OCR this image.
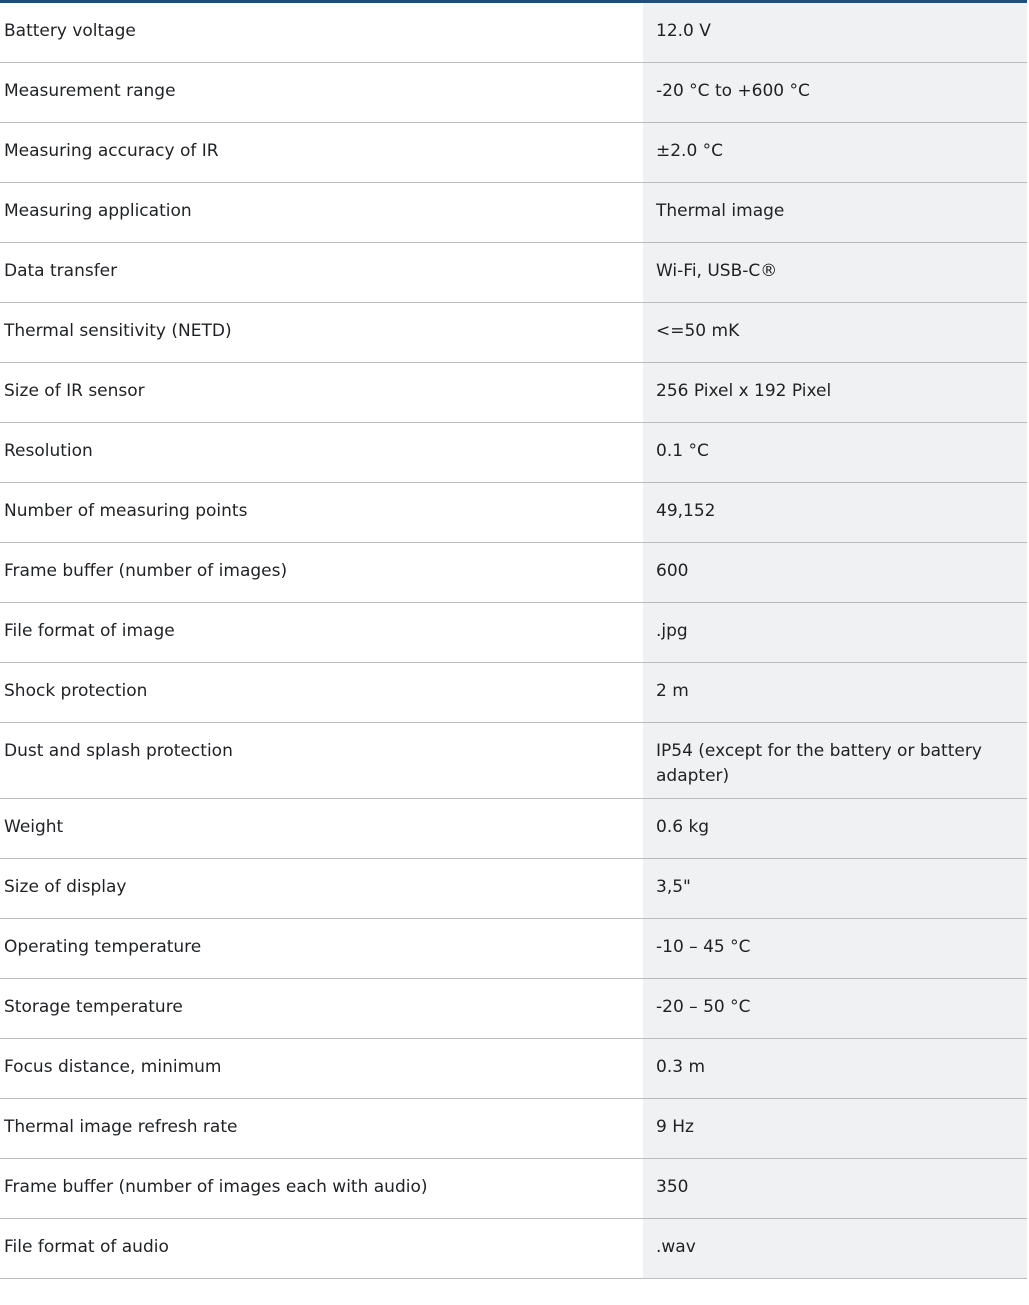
Battery voltage	12.0 V
Measurement range	-20 °C to +600 °C
Measuring accuracy of IR	±2.0 °C
Measuring application	Thermal image
Data transfer	Wi-Fi, USB-C®
Thermal sensitivity (NETD)	<=50 mK
Size of IR sensor	256 Pixel x 192 Pixel
Resolution	0.1 °C
Number of measuring points	49,152
Frame buffer (number of images)	600
File format of image	.jpg
Shock protection	2 m
Dust and splash protection	IP54 (except for the battery or battery adapter)
Weight	0.6 kg
Size of display	3,5"
Operating temperature	-10 – 45 °C
Storage temperature	-20 – 50 °C
Focus distance, minimum	0.3 m
Thermal image refresh rate	9 Hz
Frame buffer (number of images each with audio)	350
File format of audio	.wav
